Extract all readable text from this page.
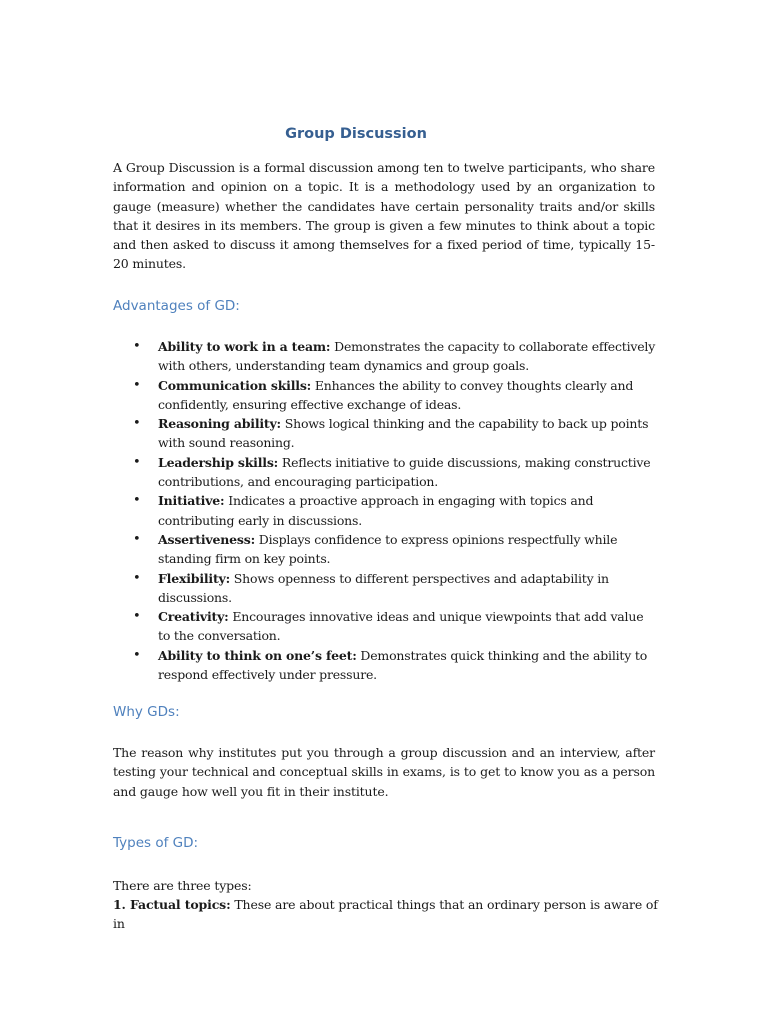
Group Discussion

A Group Discussion is a formal discussion among ten to twelve participants, who share information and opinion on a topic. It is a methodology used by an organization to gauge (measure) whether the candidates have certain personality traits and/or skills that it desires in its members. The group is given a few minutes to think about a topic and then asked to discuss it among themselves for a fixed period of time, typically 15-20 minutes.

Advantages of GD:
• Ability to work in a team: Demonstrates the capacity to collaborate effectively with others, understanding team dynamics and group goals.
• Communication skills: Enhances the ability to convey thoughts clearly and confidently, ensuring effective exchange of ideas.
• Reasoning ability: Shows logical thinking and the capability to back up points with sound reasoning.
• Leadership skills: Reflects initiative to guide discussions, making constructive contributions, and encouraging participation.
• Initiative: Indicates a proactive approach in engaging with topics and contributing early in discussions.
• Assertiveness: Displays confidence to express opinions respectfully while standing firm on key points.
• Flexibility: Shows openness to different perspectives and adaptability in discussions.
• Creativity: Encourages innovative ideas and unique viewpoints that add value to the conversation.
• Ability to think on one’s feet: Demonstrates quick thinking and the ability to respond effectively under pressure.
Why GDs:

The reason why institutes put you through a group discussion and an interview, after testing your technical and conceptual skills in exams, is to get to know you as a person and gauge how well you fit in their institute.

Types of GD:
There are three types:
1. Factual topics: These are about practical things that an ordinary person is aware of in
